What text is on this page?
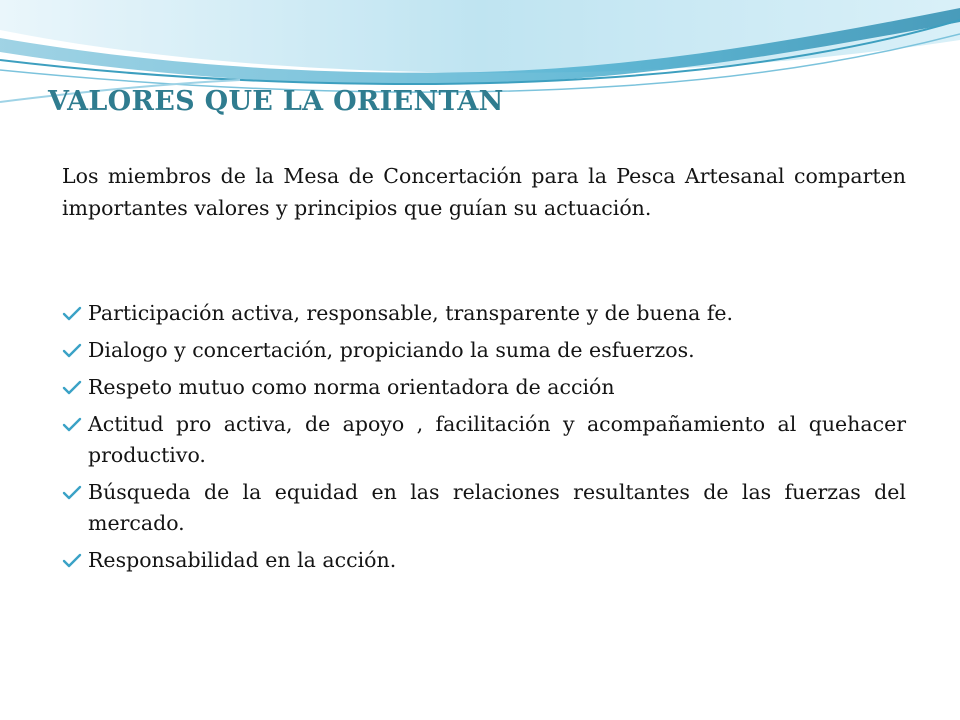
VALORES QUE LA ORIENTAN

Los miembros de la Mesa de Concertación para la Pesca Artesanal comparten importantes valores y principios que guían su actuación.

Participación activa, responsable, transparente y de buena fe.
Dialogo y concertación, propiciando la suma de esfuerzos.
Respeto mutuo como norma orientadora de acción
Actitud pro activa, de apoyo , facilitación y acompañamiento al quehacer productivo.
Búsqueda de la equidad en las relaciones resultantes de las fuerzas del mercado.
Responsabilidad en la acción.
